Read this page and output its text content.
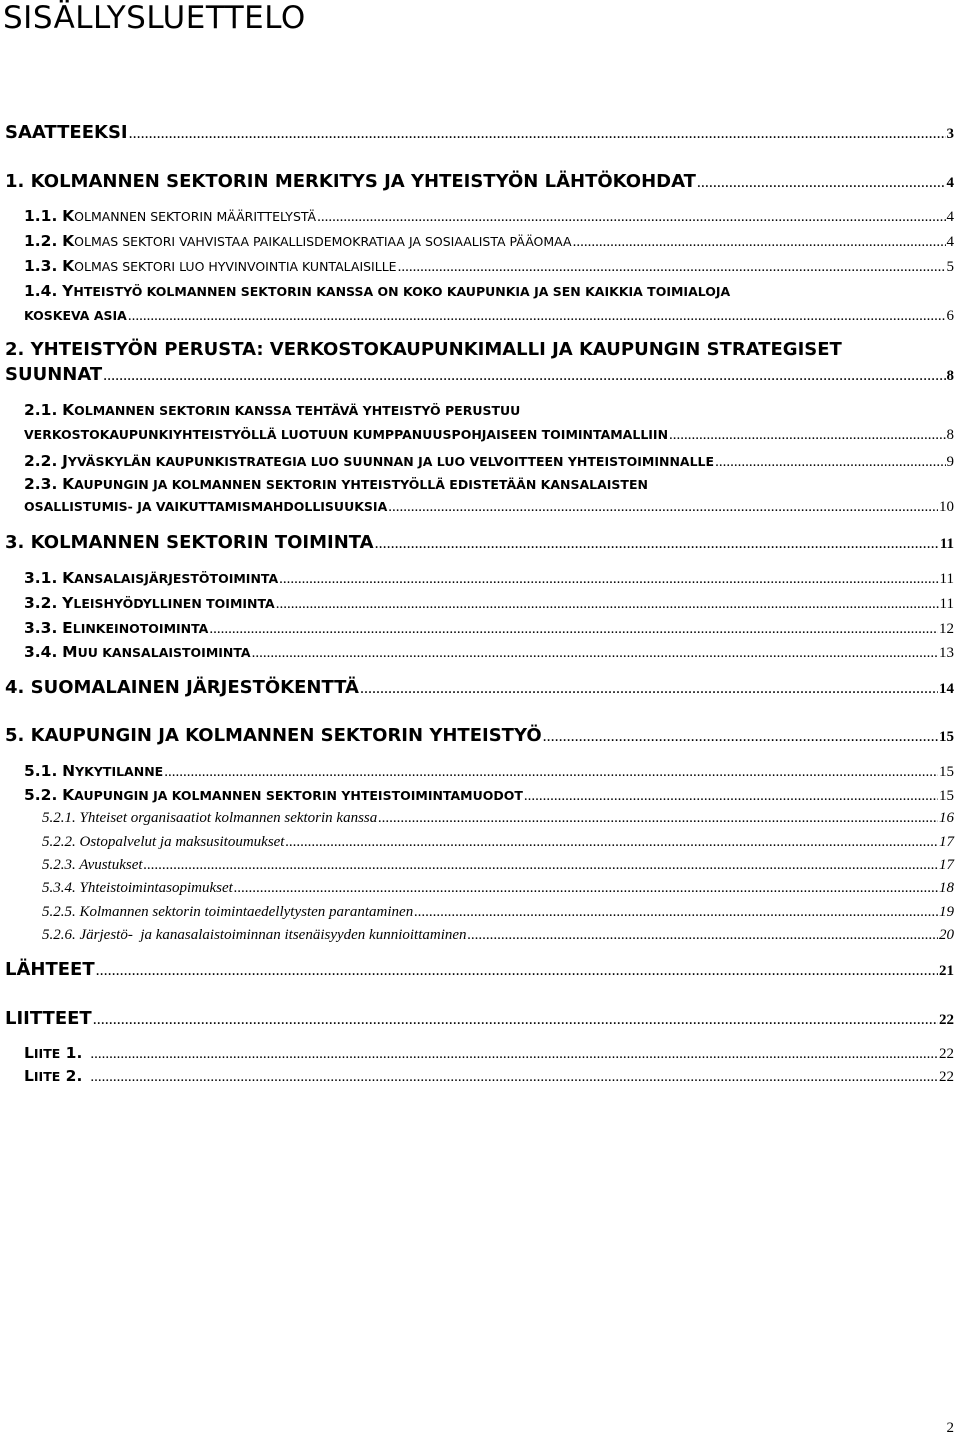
SISÄLLYSLUETTELO
SAATTEEKSI .....	3
1. KOLMANNEN SEKTORIN MERKITYS JA YHTEISTYÖN LÄHTÖKOHDAT .....	4
1.1. KOLMANNEN SEKTORIN MÄÄRITTELYSTÄ .....	4
1.2. KOLMAS SEKTORI VAHVISTAA PAIKALLISDEMOKRATIAA JA SOSIAALISTA PÄÄOMAA .....	4
1.3. KOLMAS SEKTORI LUO HYVINVOINTIA KUNTALAISILLE .....	5
1.4. YHTEISTYÖ KOLMANNEN SEKTORIN KANSSA ON KOKO KAUPUNKIA JA SEN KAIKKIA TOIMIALOJA
KOSKEVA ASIA .....	6
2. YHTEISTYÖN PERUSTA: VERKOSTOKAUPUNKIMALLI JA KAUPUNGIN STRATEGISET
SUUNNAT .....	8
2.1. KOLMANNEN SEKTORIN KANSSA TEHTÄVÄ YHTEISTYÖ PERUSTUU
VERKOSTOKAUPUNKIYHTEISTYÖLLÄ LUOTUUN KUMPPANUUSPOHJAISEEN TOIMINTAMALLIIN .....	8
2.2. JYVÄSKYLÄN KAUPUNKISTRATEGIA LUO SUUNNAN JA LUO VELVOITTEEN YHTEISTOIMINNALLE .....	9
2.3. KAUPUNGIN JA KOLMANNEN SEKTORIN YHTEISTYÖLLÄ EDISTETÄÄN KANSALAISTEN
OSALLISTUMIS- JA VAIKUTTAMISMAHDOLLISUUKSIA .....	10
3. KOLMANNEN SEKTORIN TOIMINTA .....	11
3.1. KANSALAISJÄRJESTÖTOIMINTA .....	11
3.2. YLEISHYÖDYLLINEN TOIMINTA .....	11
3.3. ELINKEINOTOIMINTA .....	12
3.4. MUU KANSALAISTOIMINTA .....	13
4. SUOMALAINEN JÄRJESTÖKENTTÄ .....	14
5. KAUPUNGIN JA KOLMANNEN SEKTORIN YHTEISTYÖ .....	15
5.1. NYKYTILANNE .....	15
5.2. KAUPUNGIN JA KOLMANNEN SEKTORIN YHTEISTOIMINTAMUODOT .....	15
5.2.1. Yhteiset organisaatiot kolmannen sektorin kanssa .....	16
5.2.2. Ostopalvelut ja maksusitoumukset .....	17
5.2.3. Avustukset .....	17
5.3.4. Yhteistoimintasopimukset .....	18
5.2.5. Kolmannen sektorin toimintaedellytysten parantaminen .....	19
5.2.6. Järjestö-  ja kanasalaistoiminnan itsenäisyyden kunnioittaminen .....	20
LÄHTEET .....	21
LIITTEET .....	22
LIITE 1. .....	22
LIITE 2. .....	22
2
